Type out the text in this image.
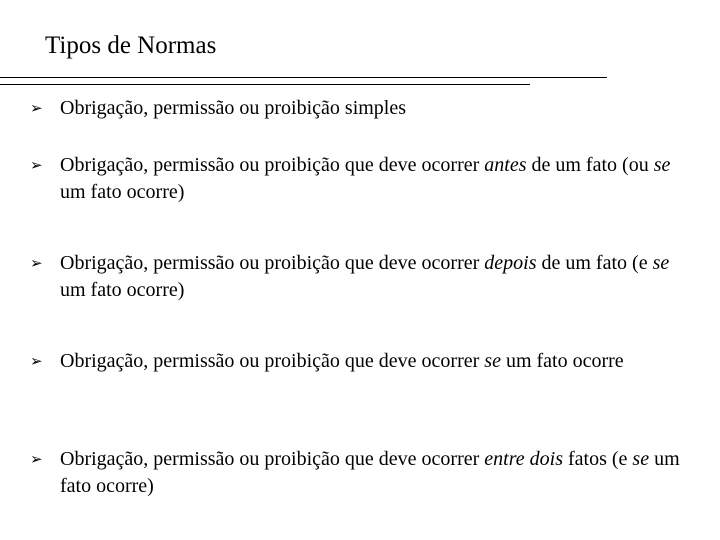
Tipos de Normas
➢ Obrigação, permissão ou proibição simples
➢ Obrigação, permissão ou proibição que deve ocorrer antes de um fato (ou se um fato ocorre)
➢ Obrigação, permissão ou proibição que deve ocorrer depois de um fato (e se um fato ocorre)
➢ Obrigação, permissão ou proibição que deve ocorrer se um fato ocorre
➢ Obrigação, permissão ou proibição que deve ocorrer entre dois fatos (e se um fato ocorre)
